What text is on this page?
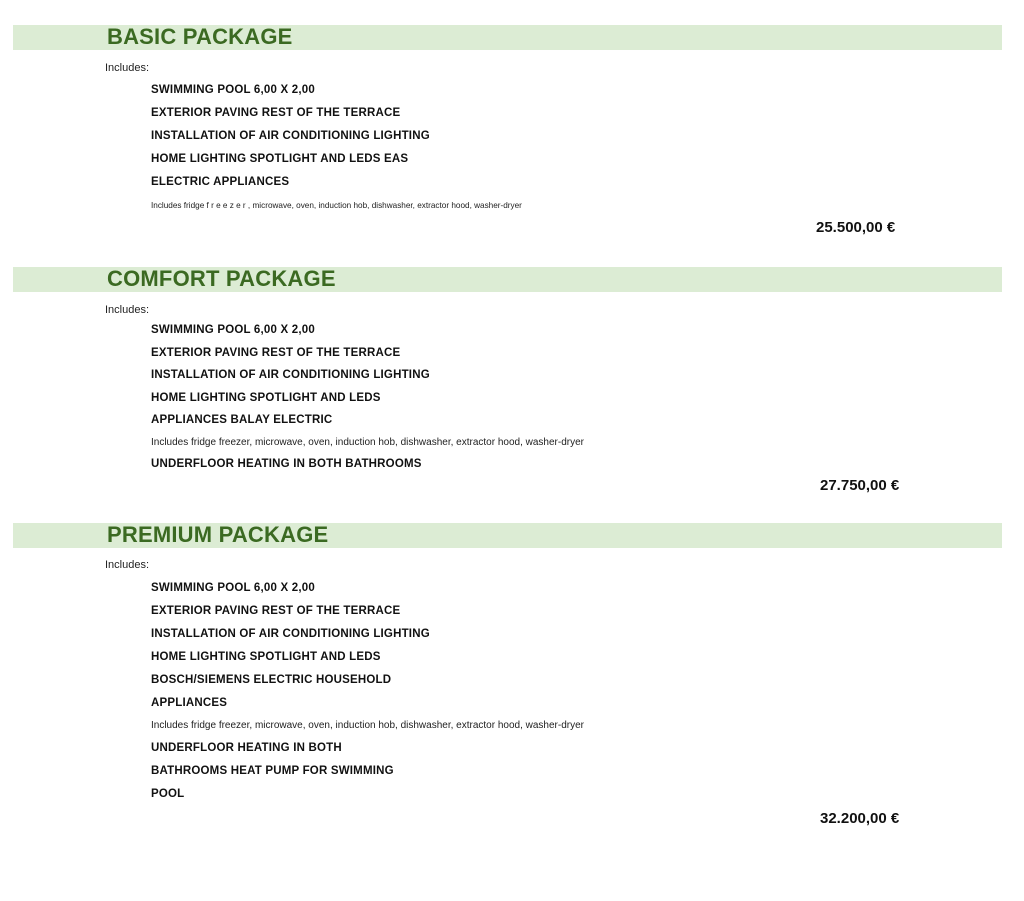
BASIC PACKAGE
Includes:
SWIMMING POOL 6,00 X 2,00
EXTERIOR PAVING REST OF THE TERRACE
INSTALLATION OF AIR CONDITIONING LIGHTING
HOME LIGHTING SPOTLIGHT AND LEDS EAS
ELECTRIC APPLIANCES
Includes fridge f r e e z e r , microwave, oven, induction hob, dishwasher, extractor hood, washer-dryer
25.500,00 €
COMFORT PACKAGE
Includes:
SWIMMING POOL 6,00 X 2,00
EXTERIOR PAVING REST OF THE TERRACE
INSTALLATION OF AIR CONDITIONING LIGHTING
HOME LIGHTING SPOTLIGHT AND LEDS
APPLIANCES BALAY ELECTRIC
Includes fridge freezer, microwave, oven, induction hob, dishwasher, extractor hood, washer-dryer
UNDERFLOOR HEATING IN BOTH BATHROOMS
27.750,00 €
PREMIUM PACKAGE
Includes:
SWIMMING POOL 6,00 X 2,00
EXTERIOR PAVING REST OF THE TERRACE
INSTALLATION OF AIR CONDITIONING LIGHTING
HOME LIGHTING SPOTLIGHT AND LEDS
BOSCH/SIEMENS ELECTRIC HOUSEHOLD
APPLIANCES
Includes fridge freezer, microwave, oven, induction hob, dishwasher, extractor hood, washer-dryer
UNDERFLOOR HEATING IN BOTH
BATHROOMS HEAT PUMP FOR SWIMMING
POOL
32.200,00 €
